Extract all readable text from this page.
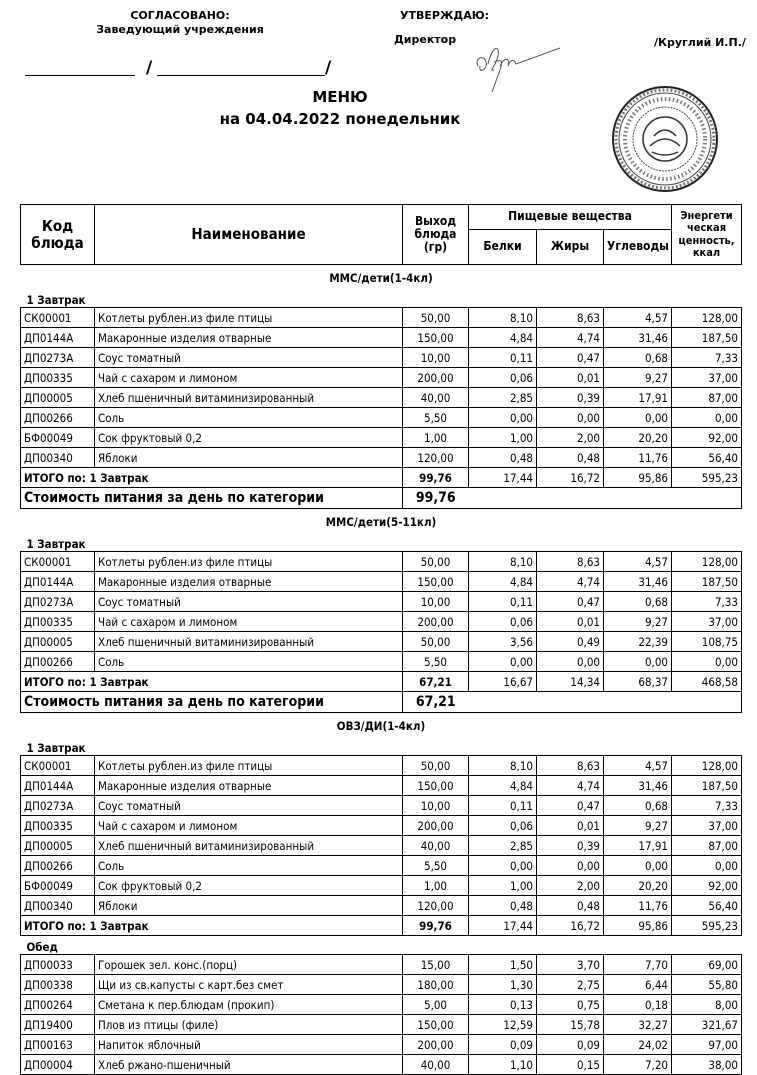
СОГЛАСОВАНО:
Заведующий учреждения
УТВЕРЖДАЮ:
Директор	/Круглий И.П./
/	/
МЕНЮ
на 04.04.2022 понедельник
Код блюда	Наименование	Выход блюда (гр)	Пищевые вещества			Энергети ческая ценность, ккал
			Белки	Жиры	Углеводы	
ММС/дети(1-4кл)						
1 Завтрак						
СК00001	Котлеты рублен.из филе птицы	50,00	8,10	8,63	4,57	128,00
ДП0144А	Макаронные изделия отварные	150,00	4,84	4,74	31,46	187,50
ДП0273А	Соус томатный	10,00	0,11	0,47	0,68	7,33
ДП00335	Чай с сахаром и лимоном	200,00	0,06	0,01	9,27	37,00
ДП00005	Хлеб пшеничный витаминизированный	40,00	2,85	0,39	17,91	87,00
ДП00266	Соль	5,50	0,00	0,00	0,00	0,00
БФ00049	Сок фруктовый 0,2	1,00	1,00	2,00	20,20	92,00
ДП00340	Яблоки	120,00	0,48	0,48	11,76	56,40
ИТОГО по: 1 Завтрак		99,76	17,44	16,72	95,86	595,23
Стоимость питания за день по категории		99,76				
ММС/дети(5-11кл)						
1 Завтрак						
СК00001	Котлеты рублен.из филе птицы	50,00	8,10	8,63	4,57	128,00
ДП0144А	Макаронные изделия отварные	150,00	4,84	4,74	31,46	187,50
ДП0273А	Соус томатный	10,00	0,11	0,47	0,68	7,33
ДП00335	Чай с сахаром и лимоном	200,00	0,06	0,01	9,27	37,00
ДП00005	Хлеб пшеничный витаминизированный	50,00	3,56	0,49	22,39	108,75
ДП00266	Соль	5,50	0,00	0,00	0,00	0,00
ИТОГО по: 1 Завтрак		67,21	16,67	14,34	68,37	468,58
Стоимость питания за день по категории		67,21				
ОВЗ/ДИ(1-4кл)						
1 Завтрак						
СК00001	Котлеты рублен.из филе птицы	50,00	8,10	8,63	4,57	128,00
ДП0144А	Макаронные изделия отварные	150,00	4,84	4,74	31,46	187,50
ДП0273А	Соус томатный	10,00	0,11	0,47	0,68	7,33
ДП00335	Чай с сахаром и лимоном	200,00	0,06	0,01	9,27	37,00
ДП00005	Хлеб пшеничный витаминизированный	40,00	2,85	0,39	17,91	87,00
ДП00266	Соль	5,50	0,00	0,00	0,00	0,00
БФ00049	Сок фруктовый 0,2	1,00	1,00	2,00	20,20	92,00
ДП00340	Яблоки	120,00	0,48	0,48	11,76	56,40
ИТОГО по: 1 Завтрак		99,76	17,44	16,72	95,86	595,23
Обед						
ДП00033	Горошек зел. конс.(порц)	15,00	1,50	3,70	7,70	69,00
ДП00338	Щи из св.капусты с карт.без смет	180,00	1,30	2,75	6,44	55,80
ДП00264	Сметана к пер.блюдам (прокип)	5,00	0,13	0,75	0,18	8,00
ДП19400	Плов из птицы (филе)	150,00	12,59	15,78	32,27	321,67
ДП00163	Напиток яблочный	200,00	0,09	0,09	24,02	97,00
ДП00004	Хлеб ржано-пшеничный	40,00	1,10	0,15	7,20	38,00
